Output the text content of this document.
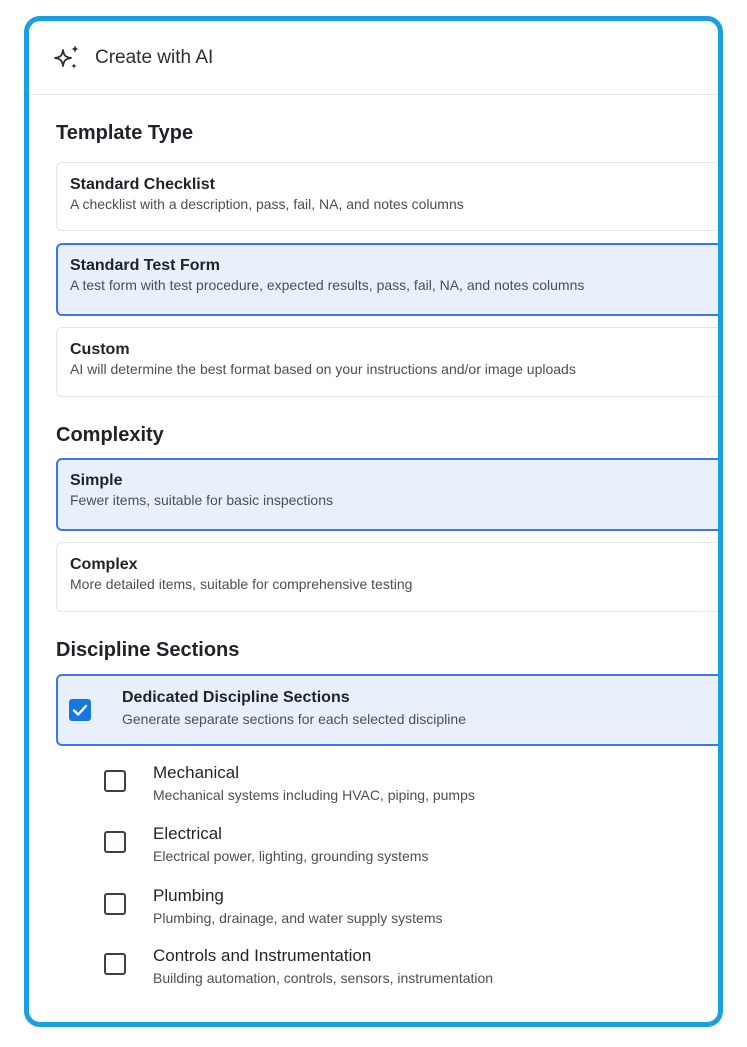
Create with AI
Template Type
Standard Checklist
A checklist with a description, pass, fail, NA, and notes columns
Standard Test Form
A test form with test procedure, expected results, pass, fail, NA, and notes columns
Custom
AI will determine the best format based on your instructions and/or image uploads
Complexity
Simple
Fewer items, suitable for basic inspections
Complex
More detailed items, suitable for comprehensive testing
Discipline Sections
Dedicated Discipline Sections
Generate separate sections for each selected discipline
Mechanical
Mechanical systems including HVAC, piping, pumps
Electrical
Electrical power, lighting, grounding systems
Plumbing
Plumbing, drainage, and water supply systems
Controls and Instrumentation
Building automation, controls, sensors, instrumentation
